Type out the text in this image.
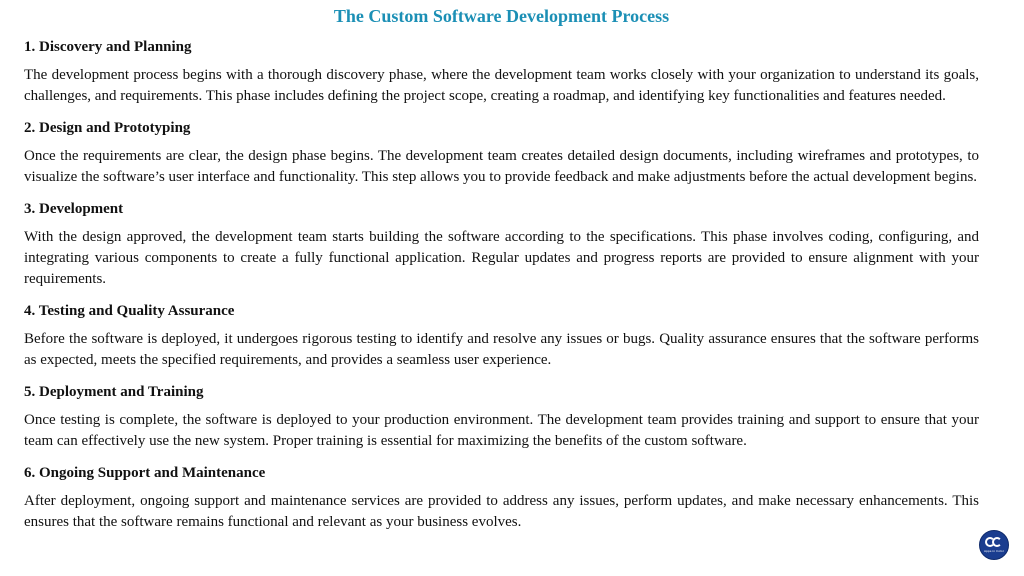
The Custom Software Development Process
1. Discovery and Planning

The development process begins with a thorough discovery phase, where the development team works closely with your organization to understand its goals, challenges, and requirements. This phase includes defining the project scope, creating a roadmap, and identifying key functionalities and features needed.

2. Design and Prototyping

Once the requirements are clear, the design phase begins. The development team creates detailed design documents, including wireframes and prototypes, to visualize the software’s user interface and functionality. This step allows you to provide feedback and make adjustments before the actual development begins.

3. Development

With the design approved, the development team starts building the software according to the specifications. This phase involves coding, configuring, and integrating various components to create a fully functional application. Regular updates and progress reports are provided to ensure alignment with your requirements.

4. Testing and Quality Assurance

Before the software is deployed, it undergoes rigorous testing to identify and resolve any issues or bugs. Quality assurance ensures that the software performs as expected, meets the specified requirements, and provides a seamless user experience.

5. Deployment and Training

Once testing is complete, the software is deployed to your production environment. The development team provides training and support to ensure that your team can effectively use the new system. Proper training is essential for maximizing the benefits of the custom software.

6. Ongoing Support and Maintenance

After deployment, ongoing support and maintenance services are provided to address any issues, perform updates, and make necessary enhancements. This ensures that the software remains functional and relevant as your business evolves.

Apps in Color
